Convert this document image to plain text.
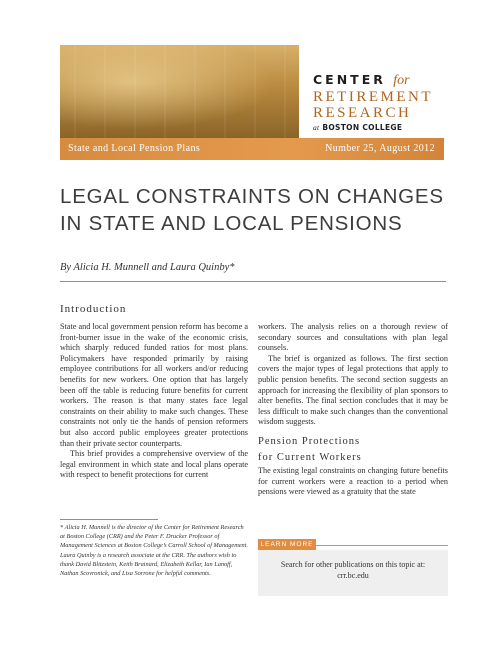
CENTER for
RETIREMENT
RESEARCH
at BOSTON COLLEGE
State and Local Pension Plans	Number 25, August 2012
LEGAL CONSTRAINTS ON CHANGES
IN STATE AND LOCAL PENSIONS
By Alicia H. Munnell and Laura Quinby*
Introduction

State and local government pension reform has become a front-burner issue in the wake of the economic crisis, which sharply reduced funded ratios for most plans. Policymakers have responded primarily by raising employee contributions for all workers and/or reducing benefits for new workers. One option that has largely been off the table is reducing future benefits for current workers. The reason is that many states face legal constraints on their ability to make such changes. These constraints not only tie the hands of pension reformers but also accord public employees greater protections than their private sector counterparts.

This brief provides a comprehensive overview of the legal environment in which state and local plans operate with respect to benefit protections for current

workers. The analysis relies on a thorough review of secondary sources and consultations with plan legal counsels.

The brief is organized as follows. The first section covers the major types of legal protections that apply to public pension benefits. The second section suggests an approach for increasing the flexibility of plan sponsors to alter benefits. The final section concludes that it may be less difficult to make such changes than the conventional wisdom suggests.

Pension Protections
for Current Workers

The existing legal constraints on changing future benefits for current workers were a reaction to a period when pensions were viewed as a gratuity that the state

* Alicia H. Munnell is the director of the Center for Retirement Research at Boston College (CRR) and the Peter F. Drucker Professor of Management Sciences at Boston College’s Carroll School of Management. Laura Quinby is a research associate at the CRR. The authors wish to thank David Blitzstein, Keith Brainard, Elizabeth Kellar, Ian Lanoff, Nathan Scovronick, and Lisa Sorrone for helpful comments.
LEARN MORE
Search for other publications on this topic at:
crr.bc.edu
